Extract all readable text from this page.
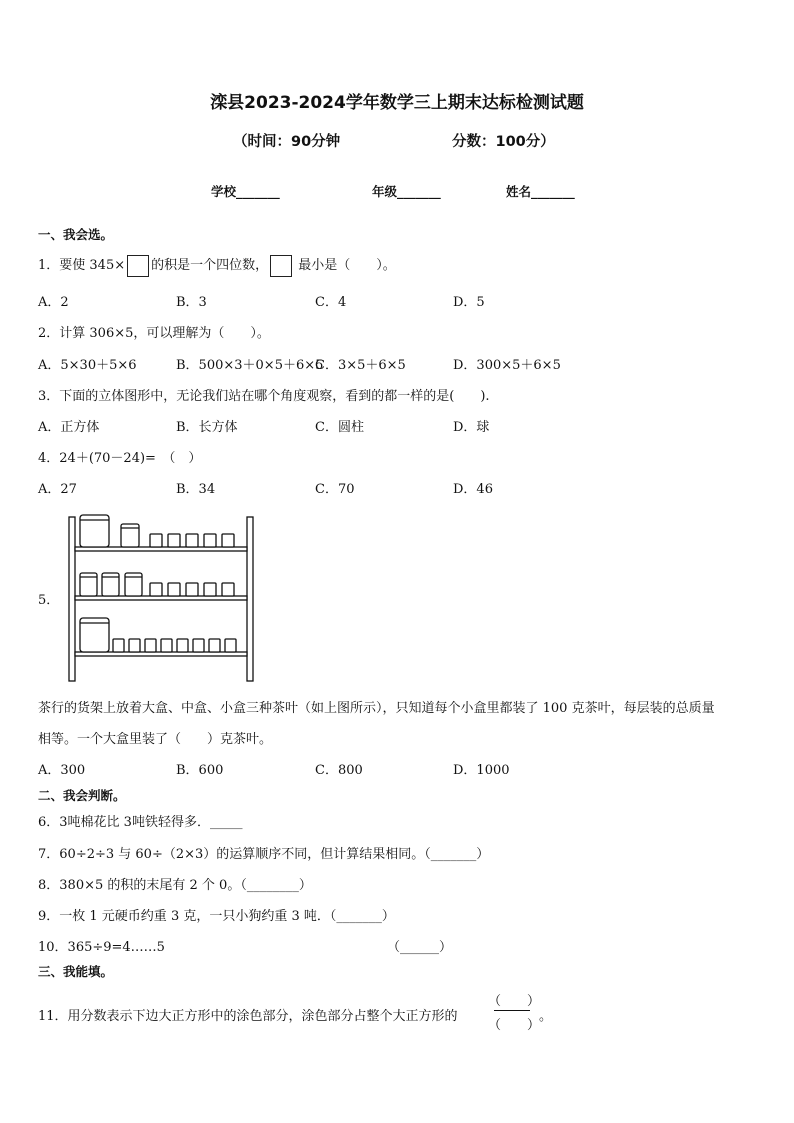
滦县2023-2024学年数学三上期末达标检测试题
（时间：90分钟	分数：100分）
学校_______	年级_______	姓名_______
一、我会选。
1．要使 345× 的积是一个四位数， 最小是（　　）。
A．2	B．3	C．4	D．5
2．计算 306×5，可以理解为（　　）。
A．5×30＋5×6	B．500×3＋0×5＋6×5
C．3×5＋6×5	D．300×5＋6×5
3．下面的立体图形中，无论我们站在哪个角度观察，看到的都一样的是(　　).
A．正方体	B．长方体	C．圆柱	D．球
4．24＋(70－24)=　（　）
A．27	B．34	C．70	D．46
5．
茶行的货架上放着大盒、中盒、小盒三种茶叶（如上图所示），只知道每个小盒里都装了 100 克茶叶，每层装的总质量
相等。一个大盒里装了（　　）克茶叶。
A．300	B．600	C．800	D．1000
二、我会判断。
6．3吨棉花比 3吨铁轻得多．_____
7．60÷2÷3 与 60÷（2×3）的运算顺序不同，但计算结果相同。（_______）
8．380×5 的积的末尾有 2 个 0。（________）
9．一枚 1 元硬币约重 3 克，一只小狗约重 3 吨．（_______）
10．365÷9=4……5	（______）
三、我能填。
11．用分数表示下边大正方形中的涂色部分，涂色部分占整个大正方形的
（　　）
（　　）
。
